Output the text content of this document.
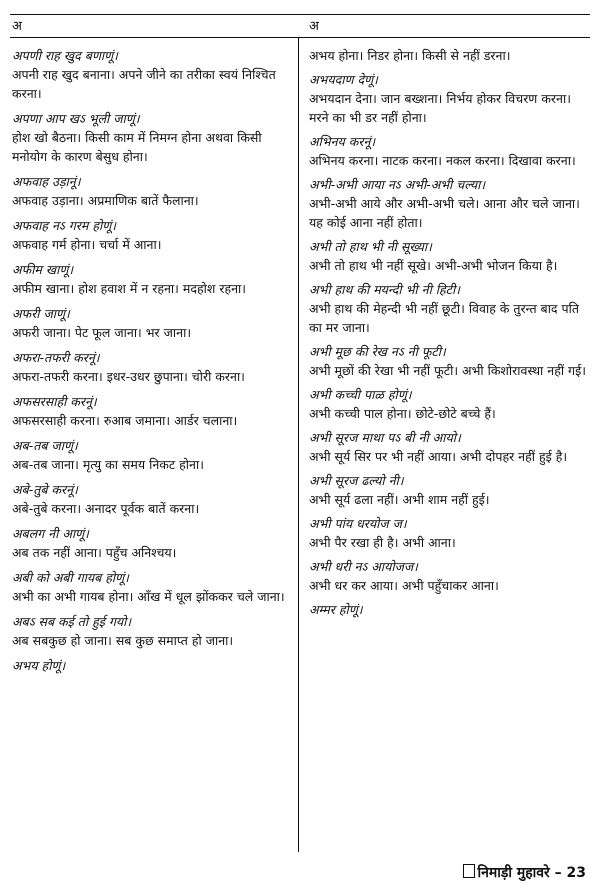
अ	अ
अपणी राह खुद बणाणूं।
अपनी राह खुद बनाना। अपने जीने का तरीका स्वयं निश्चित करना।
अपणा आप खऽ भूली जाणूं।
होश खो बैठना। किसी काम में निमग्न होना अथवा किसी मनोयोग के कारण बेसुध होना।
अफवाह उड़ानूं।
अफवाह उड़ाना। अप्रमाणिक बातें फैलाना।
अफवाह नऽ गरम होणूं।
अफवाह गर्म होना। चर्चा में आना।
अफीम खाणूं।
अफीम खाना। होश हवाश में न रहना। मदहोश रहना।
अफरी जाणूं।
अफरी जाना। पेट फूल जाना। भर जाना।
अफरा-तफरी करनूं।
अफरा-तफरी करना। इधर-उधर छुपाना। चोरी करना।
अफसरसाही करनूं।
अफसरसाही करना। रुआब जमाना। आर्डर चलाना।
अब-तब जाणूं।
अब-तब जाना। मृत्यु का समय निकट होना।
अबे-तुबे करनूं।
अबे-तुबे करना। अनादर पूर्वक बातें करना।
अबलग नी आणूं।
अब तक नहीं आना। पहुँच अनिश्चय।
अबी को अबी गायब होणूं।
अभी का अभी गायब होना। आँख में धूल झोंककर चले जाना।
अबऽ सब कई तो हुई गयो।
अब सबकुछ हो जाना। सब कुछ समाप्त हो जाना।
अभय होणूं।
अभय होना। निडर होना। किसी से नहीं डरना।
अभयदाण देणूं।
अभयदान देना। जान बख्शना। निर्भय होकर विचरण करना। मरने का भी डर नहीं होना।
अभिनय करनूं।
अभिनय करना। नाटक करना। नकल करना। दिखावा करना।
अभी-अभी आया नऽ अभी-अभी चल्या।
अभी-अभी आये और अभी-अभी चले। आना और चले जाना। यह कोई आना नहीं होता।
अभी तो हाथ भी नी सूख्या।
अभी तो हाथ भी नहीं सूखे। अभी-अभी भोजन किया है।
अभी हाथ की मयन्दी भी नी हिटी।
अभी हाथ की मेहन्दी भी नहीं छूटी। विवाह के तुरन्त बाद पति का मर जाना।
अभी मूछ की रेख नऽ नी फूटी।
अभी मूछों की रेखा भी नहीं फूटी। अभी किशोरावस्था नहीं गई।
अभी कच्ची पाळ होणूं।
अभी कच्ची पाल होना। छोटे-छोटे बच्चे हैं।
अभी सूरज माथा पऽ बी नी आयो।
अभी सूर्य सिर पर भी नहीं आया। अभी दोपहर नहीं हुई है।
अभी सूरज ढल्यो नी।
अभी सूर्य ढला नहीं। अभी शाम नहीं हुई।
अभी पांय धरयोज ज।
अभी पैर रखा ही है। अभी आना।
अभी धरी नऽ आयोजज।
अभी धर कर आया। अभी पहुँचाकर आना।
अम्मर होणूं।
निमाड़ी मुहावरे – 23
